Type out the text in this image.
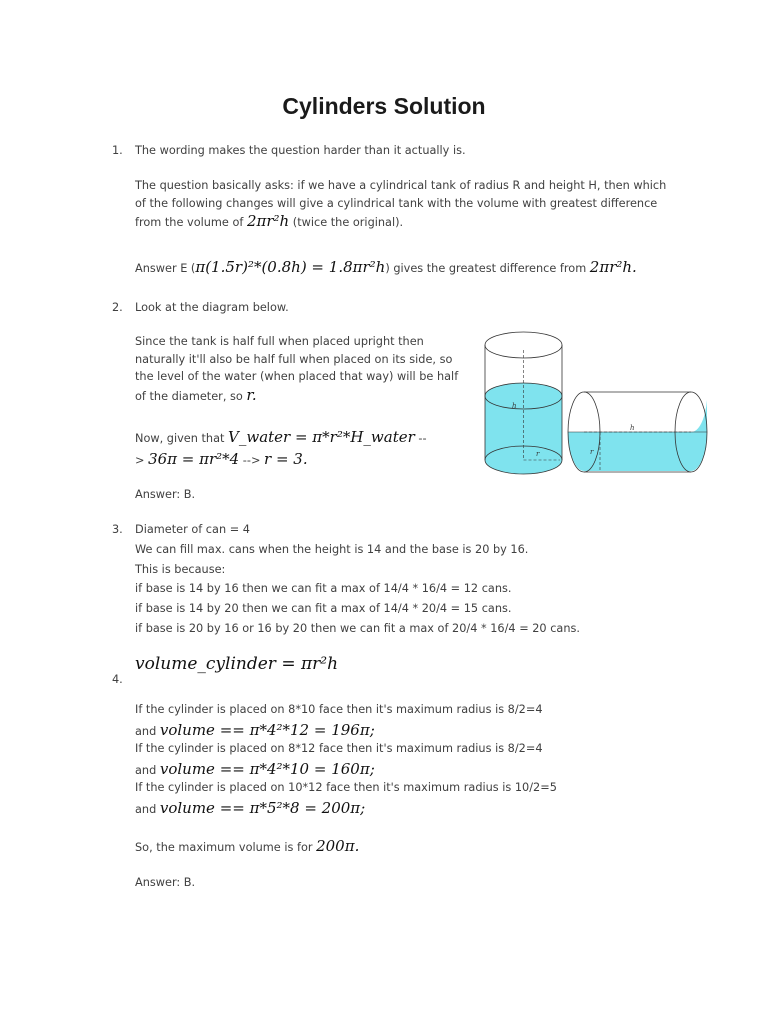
Cylinders Solution
1. The wording makes the question harder than it actually is.
The question basically asks: if we have a cylindrical tank of radius R and height H, then which
of the following changes will give a cylindrical tank with the volume with greatest difference
from the volume of 2πr²h (twice the original).
Answer E (π(1.5r)²*(0.8h) = 1.8πr²h) gives the greatest difference from 2πr²h.
2. Look at the diagram below.
Since the tank is half full when placed upright then
naturally it'll also be half full when placed on its side, so
the level of the water (when placed that way) will be half
of the diameter, so r.
Now, given that V_water = π*r²*H_water --
> 36π = πr²*4 --> r = 3.
Answer: B.
h
r
h
r
3. Diameter of can = 4
We can fill max. cans when the height is 14 and the base is 20 by 16.
This is because:
if base is 14 by 16 then we can fit a max of 14/4 * 16/4 = 12 cans.
if base is 14 by 20 then we can fit a max of 14/4 * 20/4 = 15 cans.
if base is 20 by 16 or 16 by 20 then we can fit a max of 20/4 * 16/4 = 20 cans.
4.
volume_cylinder = πr²h
If the cylinder is placed on 8*10 face then it's maximum radius is 8/2=4
and volume == π*4²*12 = 196π;
If the cylinder is placed on 8*12 face then it's maximum radius is 8/2=4
and volume == π*4²*10 = 160π;
If the cylinder is placed on 10*12 face then it's maximum radius is 10/2=5
and volume == π*5²*8 = 200π;
So, the maximum volume is for 200π.
Answer: B.
